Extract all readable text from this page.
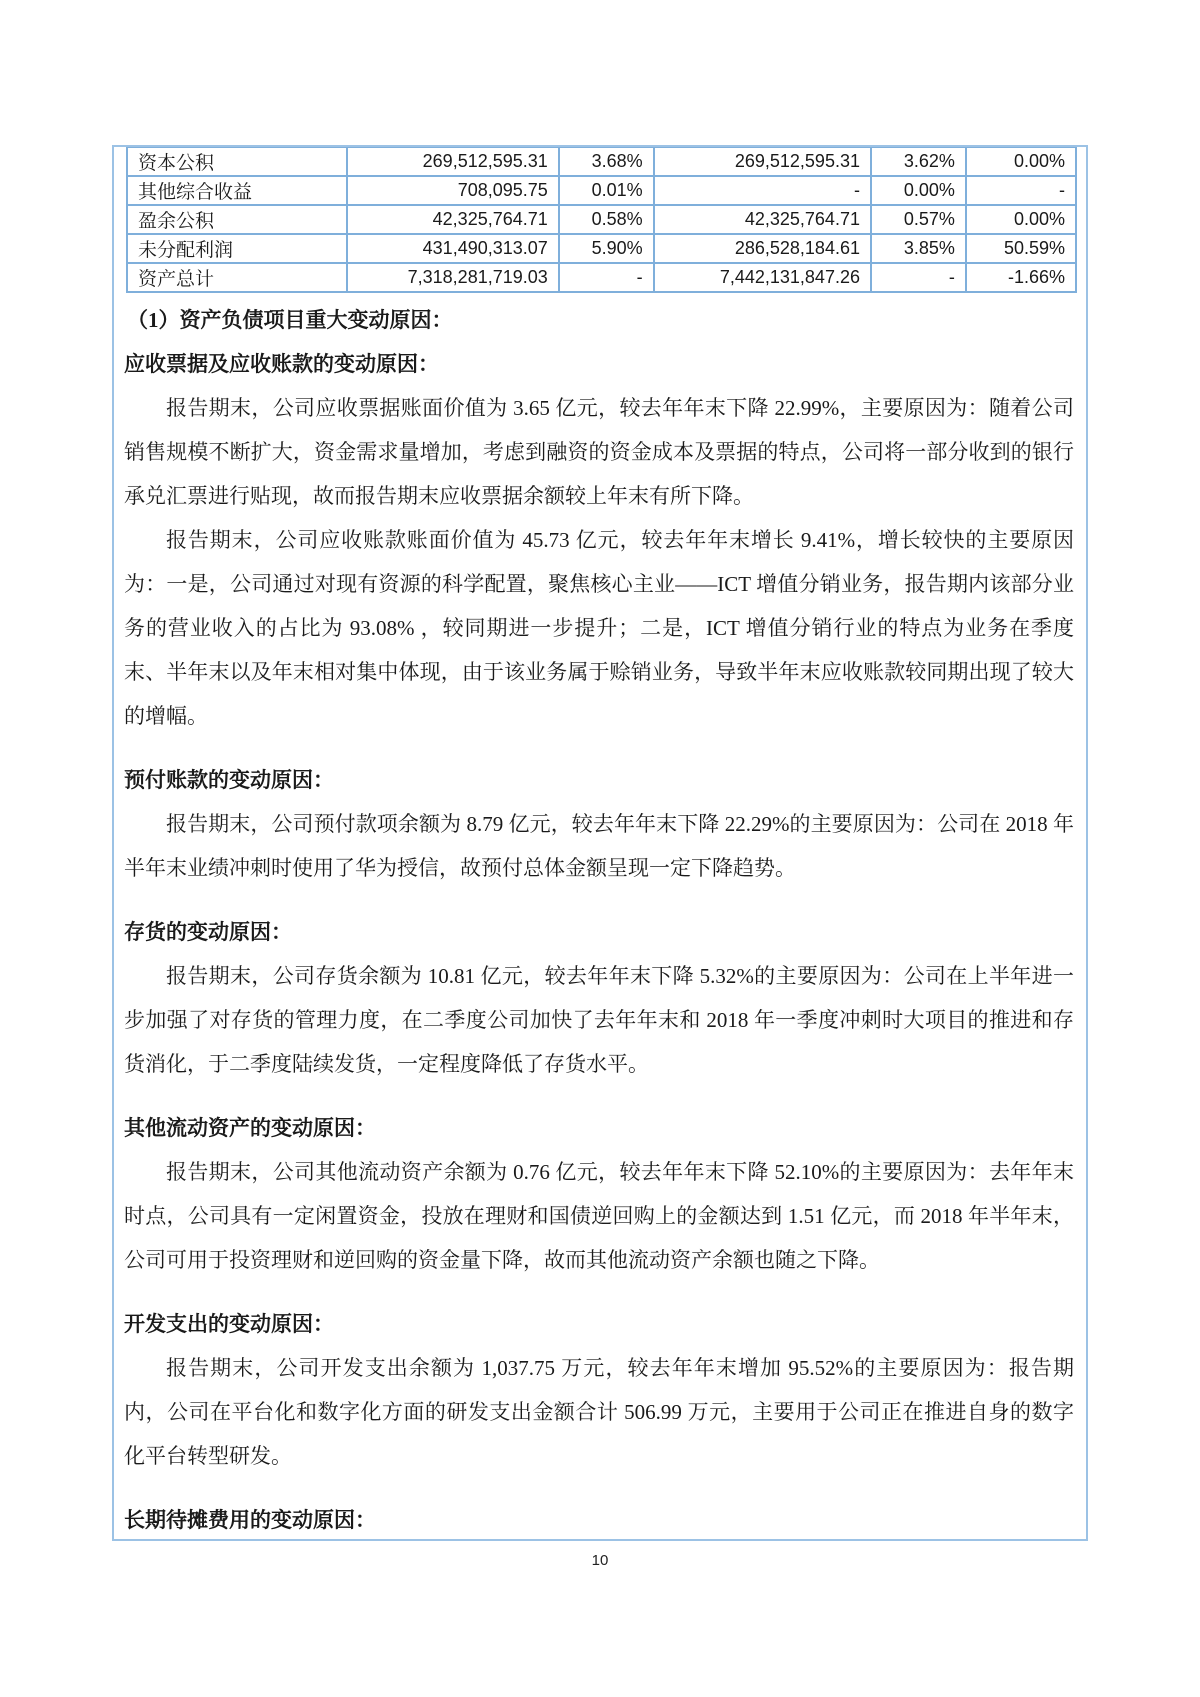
资本公积	269,512,595.31	3.68%	269,512,595.31	3.62%	0.00%
其他综合收益	708,095.75	0.01%	-	0.00%	-
盈余公积	42,325,764.71	0.58%	42,325,764.71	0.57%	0.00%
未分配利润	431,490,313.07	5.90%	286,528,184.61	3.85%	50.59%
资产总计	7,318,281,719.03	-	7,442,131,847.26	-	-1.66%
（1）资产负债项目重大变动原因：
应收票据及应收账款的变动原因：

报告期末，公司应收票据账面价值为 3.65 亿元，较去年年末下降 22.99%，主要原因为：随着公司销售规模不断扩大，资金需求量增加，考虑到融资的资金成本及票据的特点，公司将一部分收到的银行承兑汇票进行贴现，故而报告期末应收票据余额较上年末有所下降。

报告期末，公司应收账款账面价值为 45.73 亿元，较去年年末增长 9.41%，增长较快的主要原因为：一是，公司通过对现有资源的科学配置，聚焦核心主业——ICT 增值分销业务，报告期内该部分业务的营业收入的占比为 93.08% ，较同期进一步提升；二是，ICT 增值分销行业的特点为业务在季度末、半年末以及年末相对集中体现，由于该业务属于赊销业务，导致半年末应收账款较同期出现了较大的增幅。

预付账款的变动原因：

报告期末，公司预付款项余额为 8.79 亿元，较去年年末下降 22.29%的主要原因为：公司在 2018 年半年末业绩冲刺时使用了华为授信，故预付总体金额呈现一定下降趋势。

存货的变动原因：

报告期末，公司存货余额为 10.81 亿元，较去年年末下降 5.32%的主要原因为：公司在上半年进一步加强了对存货的管理力度，在二季度公司加快了去年年末和 2018 年一季度冲刺时大项目的推进和存货消化，于二季度陆续发货，一定程度降低了存货水平。

其他流动资产的变动原因：

报告期末，公司其他流动资产余额为 0.76 亿元，较去年年末下降 52.10%的主要原因为：去年年末时点，公司具有一定闲置资金，投放在理财和国债逆回购上的金额达到 1.51 亿元，而 2018 年半年末，公司可用于投资理财和逆回购的资金量下降，故而其他流动资产余额也随之下降。

开发支出的变动原因：

报告期末，公司开发支出余额为 1,037.75 万元，较去年年末增加 95.52%的主要原因为：报告期内，公司在平台化和数字化方面的研发支出金额合计 506.99 万元，主要用于公司正在推进自身的数字化平台转型研发。

长期待摊费用的变动原因：

10
